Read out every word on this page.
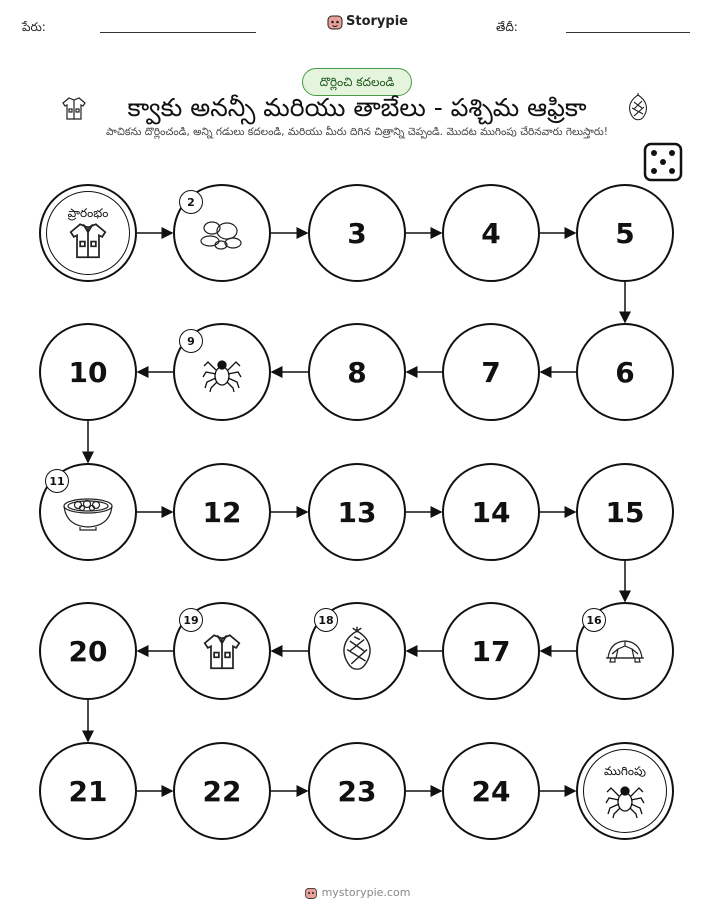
పేరు:	Storypie	తేదీ:
దొర్లించి కదలండి
క్వాకు అనన్సీ మరియు తాబేలు - పశ్చిమ ఆఫ్రికా
పాచికను దొర్లించండి, అన్ని గడులు కదలండి, మరియు మీరు దిగిన చిత్రాన్ని చెప్పండి. మొదట ముగింపు చేరినవారు గెలుస్తారు!
ప్రారంభం
2
3	4	5
6
7
8
9
10
11
12	13	14	15
16
17
18
19
20
21	22	23	24
ముగింపు
mystorypie.com
